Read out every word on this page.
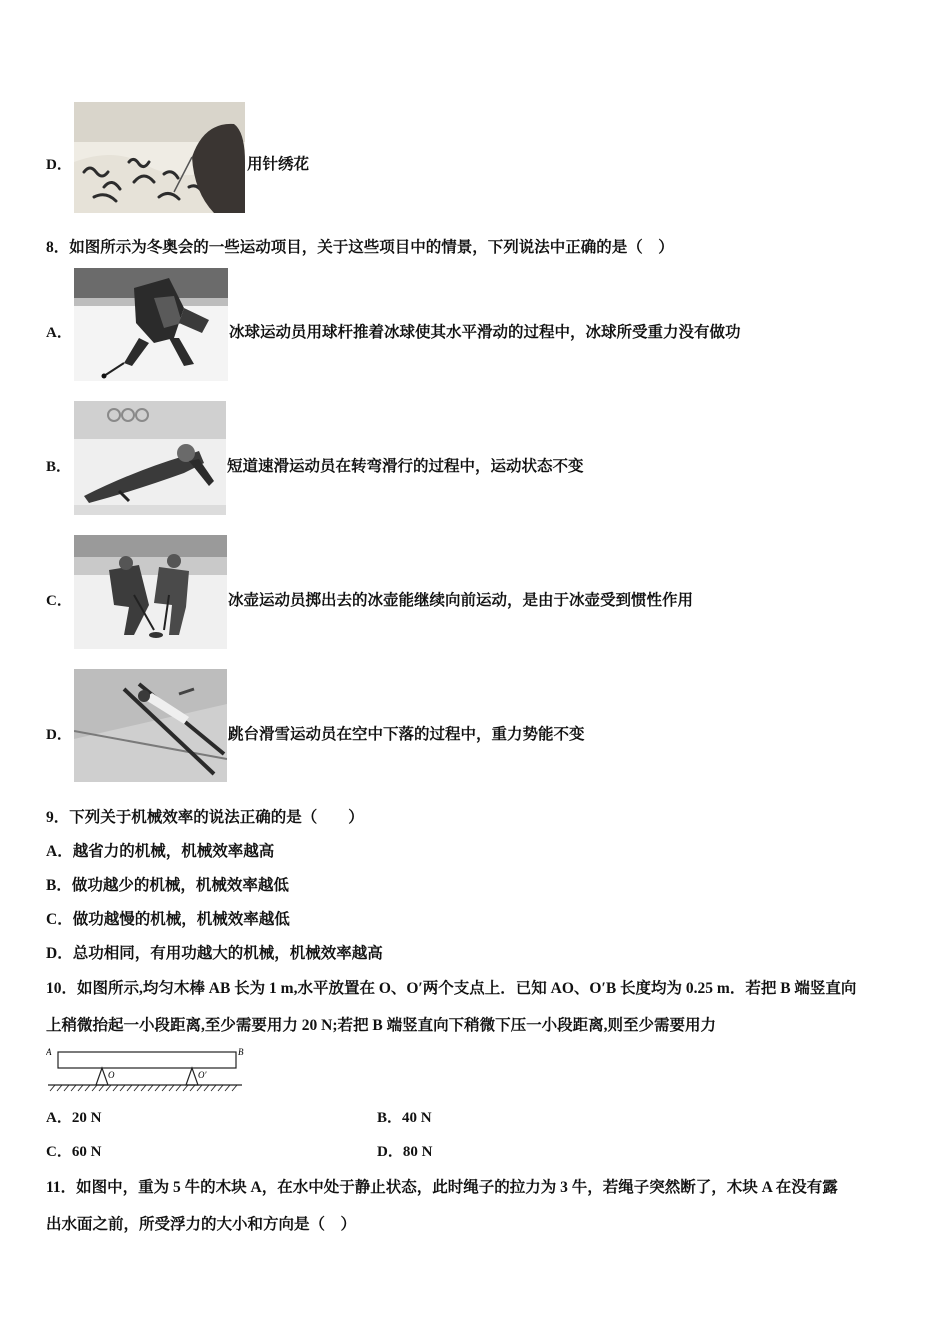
D．	用针绣花
8．如图所示为冬奥会的一些运动项目，关于这些项目中的情景，下列说法中正确的是（　）
A．	冰球运动员用球杆推着冰球使其水平滑动的过程中，冰球所受重力没有做功
B．	短道速滑运动员在转弯滑行的过程中，运动状态不变
C．	冰壶运动员掷出去的冰壶能继续向前运动，是由于冰壶受到惯性作用
D．	跳台滑雪运动员在空中下落的过程中，重力势能不变
9．下列关于机械效率的说法正确的是（　　）
A．越省力的机械，机械效率越高
B．做功越少的机械，机械效率越低
C．做功越慢的机械，机械效率越低
D．总功相同，有用功越大的机械，机械效率越高
10．如图所示,均匀木棒 AB 长为 1 m,水平放置在 O、O′两个支点上．已知 AO、O′B 长度均为 0.25 m．若把 B 端竖直向
上稍微抬起一小段距离,至少需要用力 20 N;若把 B 端竖直向下稍微下压一小段距离,则至少需要用力
A	B
O	O′
A．20 N	B．40 N
C．60 N	D．80 N
11．如图中，重为 5 牛的木块 A，在水中处于静止状态，此时绳子的拉力为 3 牛，若绳子突然断了，木块 A 在没有露
出水面之前，所受浮力的大小和方向是（　）
